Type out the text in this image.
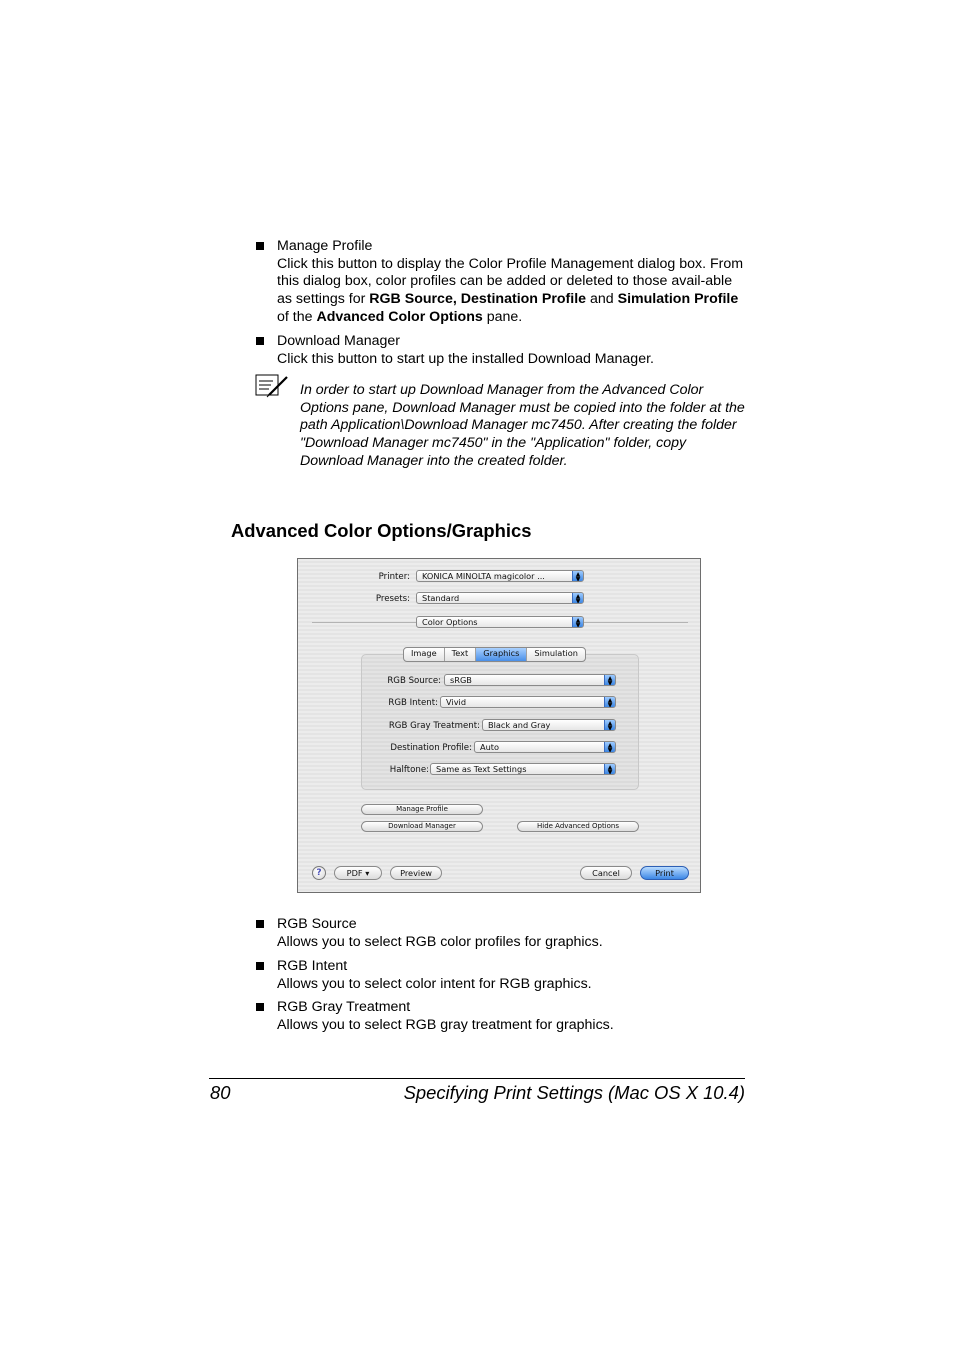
Manage Profile
Click this button to display the Color Profile Management dialog box. From this dialog box, color profiles can be added or deleted to those avail-able as settings for RGB Source, Destination Profile and Simulation Profile of the Advanced Color Options pane.
Download Manager
Click this button to start up the installed Download Manager.
In order to start up Download Manager from the Advanced Color Options pane, Download Manager must be copied into the folder at the path Application\Download Manager mc7450. After creating the folder "Download Manager mc7450" in the "Application" folder, copy Download Manager into the created folder.
Advanced Color Options/Graphics
Printer:	KONICA MINOLTA magicolor ...	▲
▼
Presets:	Standard	▲
▼
Color Options	▲
▼
Image	Text	Graphics	Simulation
RGB Source:	sRGB	▲
▼
RGB Intent: Vivid	▲
▼
RGB Gray Treatment: Black and Gray	▲
▼
Destination Profile: Auto	▲
▼
Halftone: Same as Text Settings	▲
▼
Manage Profile
Download Manager	Hide Advanced Options
?	PDF ▾	Preview	Cancel	Print
RGB Source
Allows you to select RGB color profiles for graphics.
RGB Intent
Allows you to select color intent for RGB graphics.
RGB Gray Treatment
Allows you to select RGB gray treatment for graphics.
80	Specifying Print Settings (Mac OS X 10.4)
